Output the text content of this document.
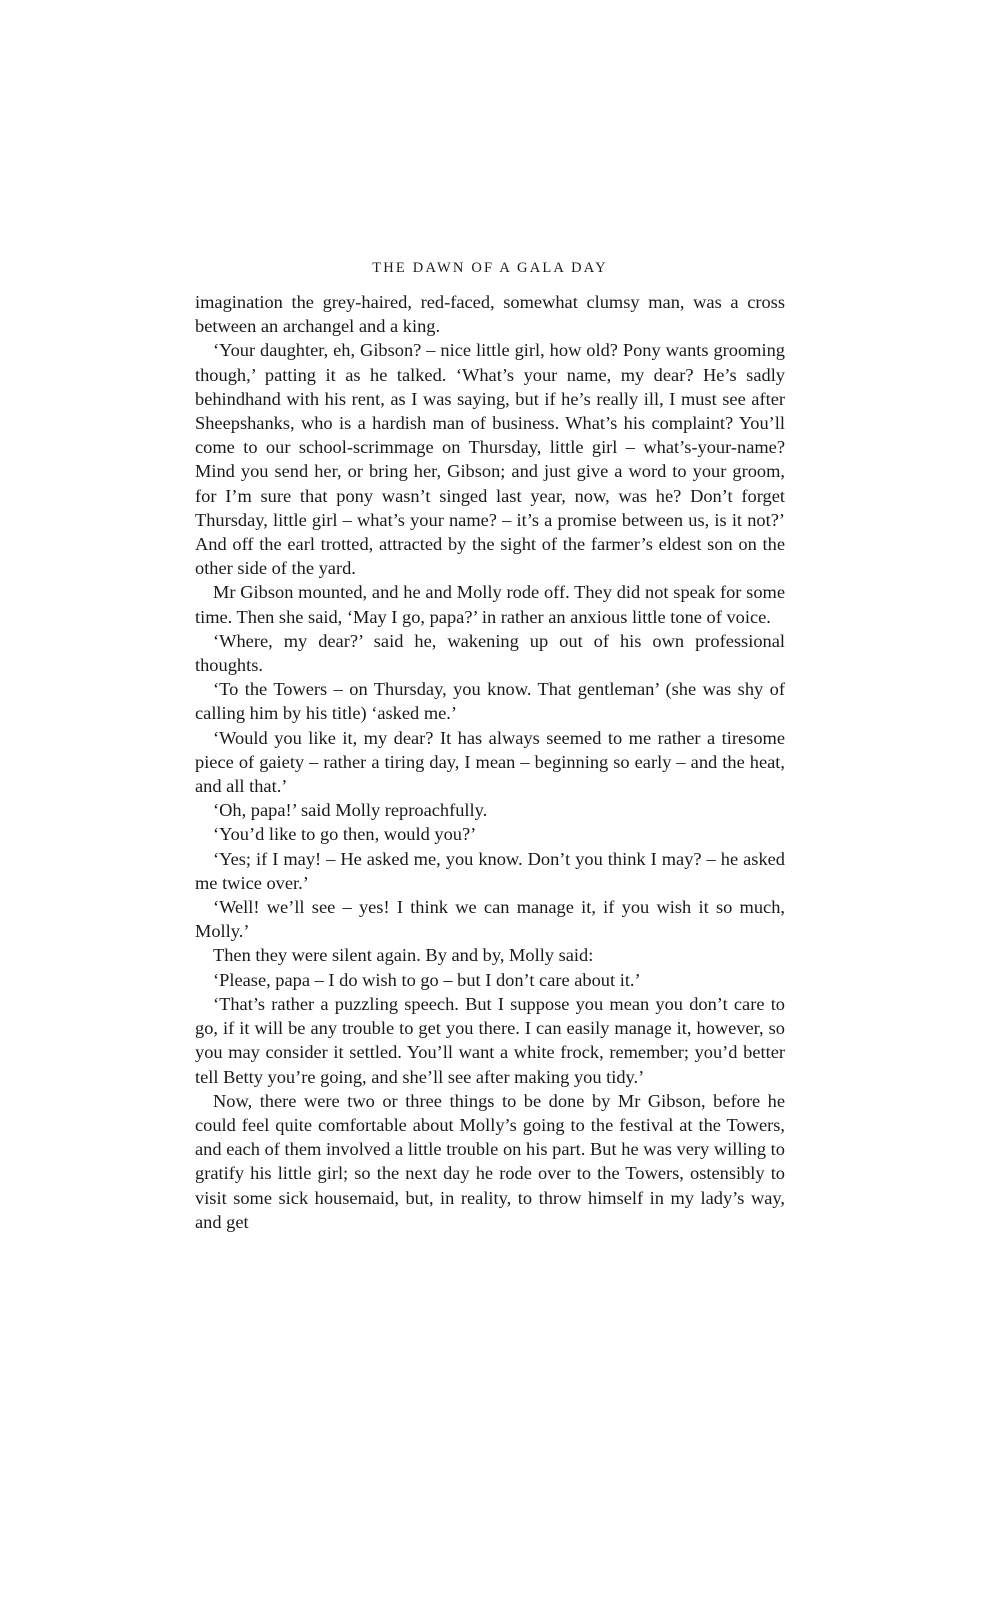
THE DAWN OF A GALA DAY

imagination the grey-haired, red-faced, somewhat clumsy man, was a cross between an archangel and a king.

‘Your daughter, eh, Gibson? – nice little girl, how old? Pony wants grooming though,’ patting it as he talked. ‘What’s your name, my dear? He’s sadly behindhand with his rent, as I was saying, but if he’s really ill, I must see after Sheepshanks, who is a hardish man of business. What’s his complaint? You’ll come to our school-scrimmage on Thursday, little girl – what’s-your-name? Mind you send her, or bring her, Gibson; and just give a word to your groom, for I’m sure that pony wasn’t singed last year, now, was he? Don’t forget Thursday, little girl – what’s your name? – it’s a promise between us, is it not?’ And off the earl trotted, attracted by the sight of the farmer’s eldest son on the other side of the yard.

Mr Gibson mounted, and he and Molly rode off. They did not speak for some time. Then she said, ‘May I go, papa?’ in rather an anxious little tone of voice.

‘Where, my dear?’ said he, wakening up out of his own professional thoughts.

‘To the Towers – on Thursday, you know. That gentleman’ (she was shy of calling him by his title) ‘asked me.’

‘Would you like it, my dear? It has always seemed to me rather a tiresome piece of gaiety – rather a tiring day, I mean – beginning so early – and the heat, and all that.’

‘Oh, papa!’ said Molly reproachfully.

‘You’d like to go then, would you?’

‘Yes; if I may! – He asked me, you know. Don’t you think I may? – he asked me twice over.’

‘Well! we’ll see – yes! I think we can manage it, if you wish it so much, Molly.’

Then they were silent again. By and by, Molly said:

‘Please, papa – I do wish to go – but I don’t care about it.’

‘That’s rather a puzzling speech. But I suppose you mean you don’t care to go, if it will be any trouble to get you there. I can easily manage it, however, so you may consider it settled. You’ll want a white frock, remember; you’d better tell Betty you’re going, and she’ll see after making you tidy.’

Now, there were two or three things to be done by Mr Gibson, before he could feel quite comfortable about Molly’s going to the festival at the Towers, and each of them involved a little trouble on his part. But he was very willing to gratify his little girl; so the next day he rode over to the Towers, ostensibly to visit some sick housemaid, but, in reality, to throw himself in my lady’s way, and get
